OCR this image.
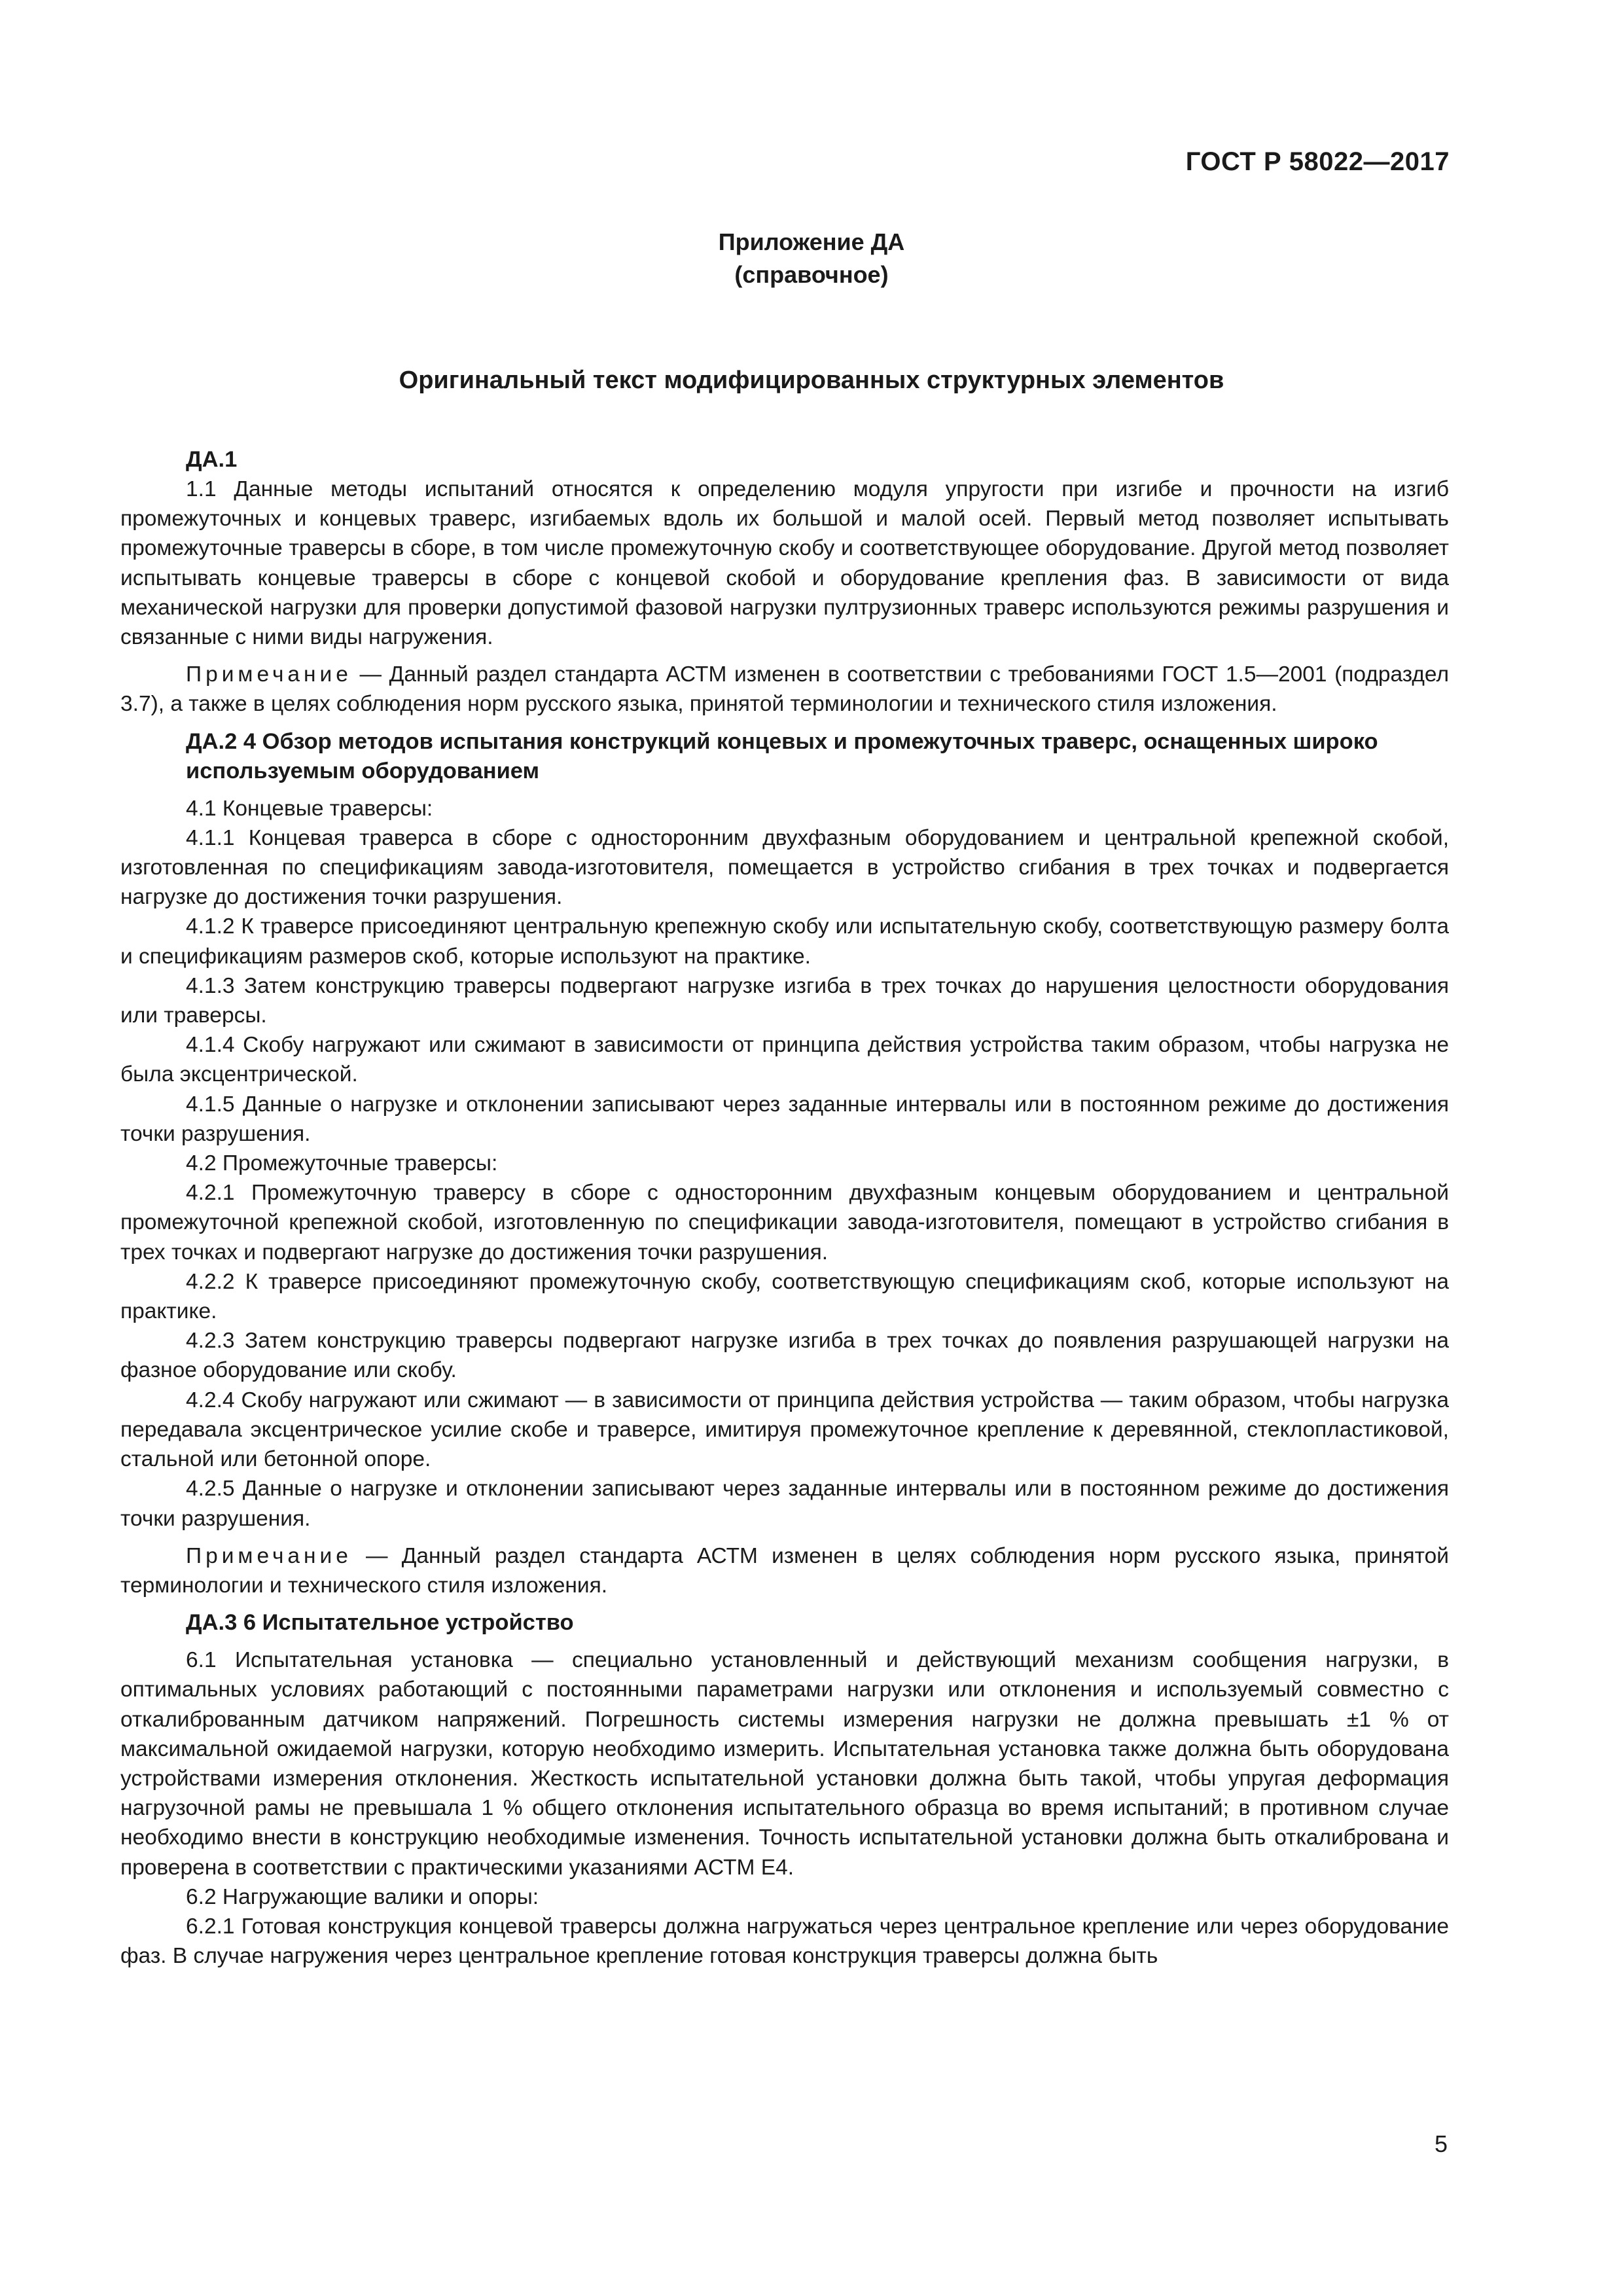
ГОСТ Р 58022—2017
Приложение ДА
(справочное)
Оригинальный текст модифицированных структурных элементов
ДА.1

1.1 Данные методы испытаний относятся к определению модуля упругости при изгибе и прочности на изгиб промежуточных и концевых траверс, изгибаемых вдоль их большой и малой осей. Первый метод позволяет испытывать промежуточные траверсы в сборе, в том числе промежуточную скобу и соответствующее оборудование. Другой метод позволяет испытывать концевые траверсы в сборе с концевой скобой и оборудование крепления фаз. В зависимости от вида механической нагрузки для проверки допустимой фазовой нагрузки пултрузионных траверс используются режимы разрушения и связанные с ними виды нагружения.

Примечание — Данный раздел стандарта АСТМ изменен в соответствии с требованиями ГОСТ 1.5—2001 (подраздел 3.7), а также в целях соблюдения норм русского языка, принятой терминологии и технического стиля изложения.

ДА.2 4 Обзор методов испытания конструкций концевых и промежуточных траверс, оснащенных широко используемым оборудованием

4.1 Концевые траверсы:

4.1.1 Концевая траверса в сборе с односторонним двухфазным оборудованием и центральной крепежной скобой, изготовленная по спецификациям завода-изготовителя, помещается в устройство сгибания в трех точках и подвергается нагрузке до достижения точки разрушения.

4.1.2 К траверсе присоединяют центральную крепежную скобу или испытательную скобу, соответствующую размеру болта и спецификациям размеров скоб, которые используют на практике.

4.1.3 Затем конструкцию траверсы подвергают нагрузке изгиба в трех точках до нарушения целостности оборудования или траверсы.

4.1.4 Скобу нагружают или сжимают в зависимости от принципа действия устройства таким образом, чтобы нагрузка не была эксцентрической.

4.1.5 Данные о нагрузке и отклонении записывают через заданные интервалы или в постоянном режиме до достижения точки разрушения.

4.2 Промежуточные траверсы:

4.2.1 Промежуточную траверсу в сборе с односторонним двухфазным концевым оборудованием и центральной промежуточной крепежной скобой, изготовленную по спецификации завода-изготовителя, помещают в устройство сгибания в трех точках и подвергают нагрузке до достижения точки разрушения.

4.2.2 К траверсе присоединяют промежуточную скобу, соответствующую спецификациям скоб, которые используют на практике.

4.2.3 Затем конструкцию траверсы подвергают нагрузке изгиба в трех точках до появления разрушающей нагрузки на фазное оборудование или скобу.

4.2.4 Скобу нагружают или сжимают — в зависимости от принципа действия устройства — таким образом, чтобы нагрузка передавала эксцентрическое усилие скобе и траверсе, имитируя промежуточное крепление к деревянной, стеклопластиковой, стальной или бетонной опоре.

4.2.5 Данные о нагрузке и отклонении записывают через заданные интервалы или в постоянном режиме до достижения точки разрушения.

Примечание — Данный раздел стандарта АСТМ изменен в целях соблюдения норм русского языка, принятой терминологии и технического стиля изложения.

ДА.3 6 Испытательное устройство

6.1 Испытательная установка — специально установленный и действующий механизм сообщения нагрузки, в оптимальных условиях работающий с постоянными параметрами нагрузки или отклонения и используемый совместно с откалиброванным датчиком напряжений. Погрешность системы измерения нагрузки не должна превышать ±1 % от максимальной ожидаемой нагрузки, которую необходимо измерить. Испытательная установка также должна быть оборудована устройствами измерения отклонения. Жесткость испытательной установки должна быть такой, чтобы упругая деформация нагрузочной рамы не превышала 1 % общего отклонения испытательного образца во время испытаний; в противном случае необходимо внести в конструкцию необходимые изменения. Точность испытательной установки должна быть откалибрована и проверена в соответствии с практическими указаниями АСТМ Е4.

6.2 Нагружающие валики и опоры:

6.2.1 Готовая конструкция концевой траверсы должна нагружаться через центральное крепление или через оборудование фаз. В случае нагружения через центральное крепление готовая конструкция траверсы должна быть

5
